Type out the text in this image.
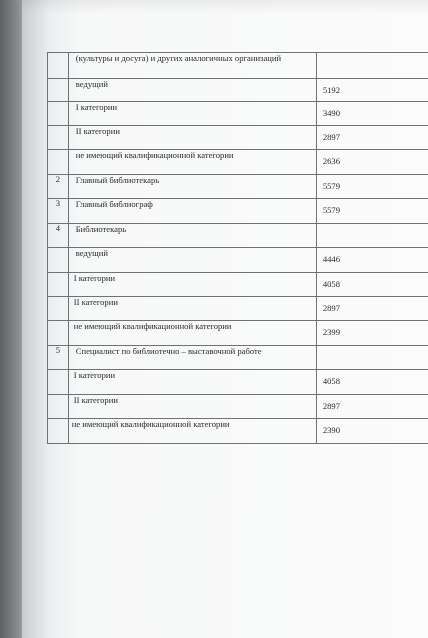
	(культуры и досуга) и других аналогичных организаций	
	ведущий	5192
	I категории	3490
	II категории	2897
	не имеющий квалификационной категории	2636
2	Главный библиотекарь	5579
3	Главный библиограф	5579
4	Библиотекарь	
	ведущий	4446
	I категории	4058
	II категории	2897
	не имеющий квалификационной категории	2399
5	Специалист по библиотечно – выставочной работе	
	I категории	4058
	II категории	2897
	не имеющий квалификационной категории	2390
